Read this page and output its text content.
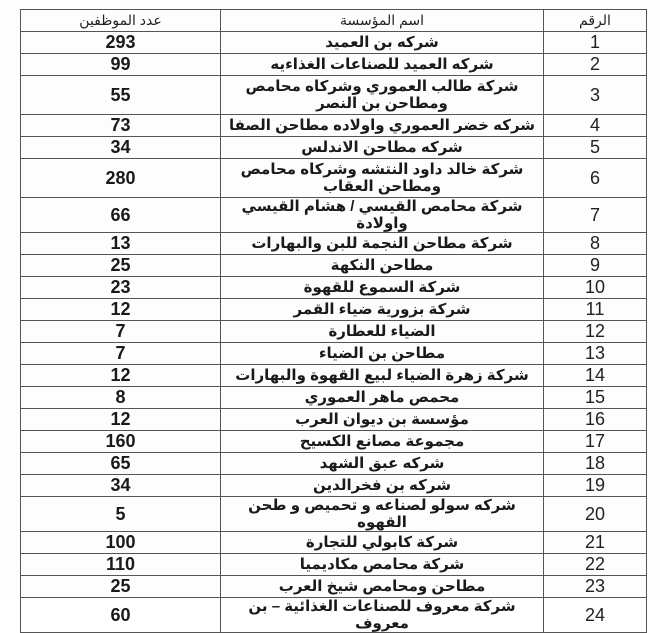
الرقم	اسم المؤسسة	عدد الموظفين
1	شركه بن العميد	293
2	شركه العميد للصناعات الغذاءيه	99
3	شركة طالب العموري وشركاه محامص ومطاحن بن النصر	55
4	شركه خضر العموري واولاده مطاحن الصفا	73
5	شركه مطاحن الاندلس	34
6	شركة خالد داود النتشه وشركاه محامص ومطاحن العقاب	280
7	شركة محامص القيسي / هشام القيسي واولادة	66
8	شركة مطاحن النجمة للبن والبهارات	13
9	مطاحن النكهة	25
10	شركة السموع للقهوة	23
11	شركة بزورية ضياء القمر	12
12	الضياء للعطارة	7
13	مطاحن بن الضياء	7
14	شركة زهرة الضياء لبيع القهوة والبهارات	12
15	محمص ماهر العموري	8
16	مؤسسة بن ديوان العرب	12
17	مجموعة مصانع الكسيح	160
18	شركه عبق الشهد	65
19	شركه بن فخرالدين	34
20	شركه سولو لصناعه و تحميص و طحن القهوه	5
21	شركة كابولي للتجارة	100
22	شركة محامص مكاديميا	110
23	مطاحن ومحامص شيخ العرب	25
24	شركة معروف للصناعات الغذائية – بن معروف	60
